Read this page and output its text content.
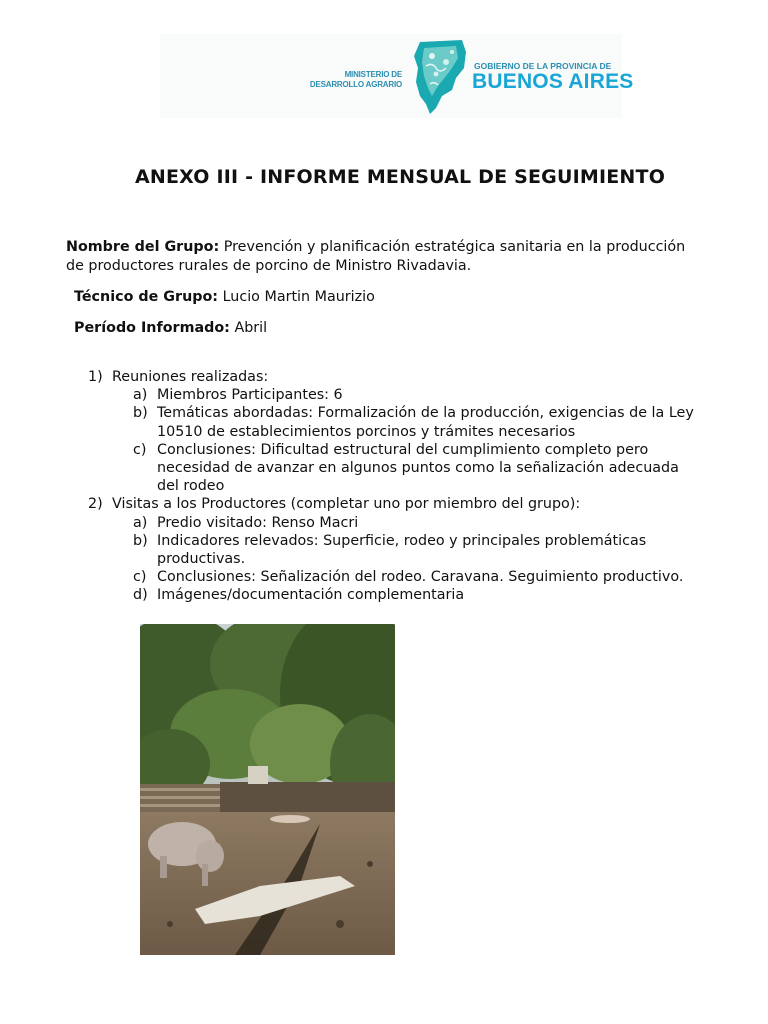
MINISTERIO DE
DESARROLLO AGRARIO
GOBIERNO DE LA PROVINCIA DE
BUENOS AIRES
ANEXO III - INFORME MENSUAL DE SEGUIMIENTO
Nombre del Grupo: Prevención y planificación estratégica sanitaria en la producción
de productores rurales de porcino de Ministro Rivadavia.
Técnico de Grupo: Lucio Martin Maurizio
Período Informado: Abril
1) Reuniones realizadas:
a) Miembros Participantes: 6
b) Temáticas abordadas: Formalización de la producción, exigencias de la Ley
10510 de establecimientos porcinos y trámites necesarios
c) Conclusiones: Dificultad estructural del cumplimiento completo pero
necesidad de avanzar en algunos puntos como la señalización adecuada
del rodeo
2) Visitas a los Productores (completar uno por miembro del grupo):
a) Predio visitado: Renso Macri
b) Indicadores relevados: Superficie, rodeo y principales problemáticas
productivas.
c) Conclusiones: Señalización del rodeo. Caravana. Seguimiento productivo.
d) Imágenes/documentación complementaria
